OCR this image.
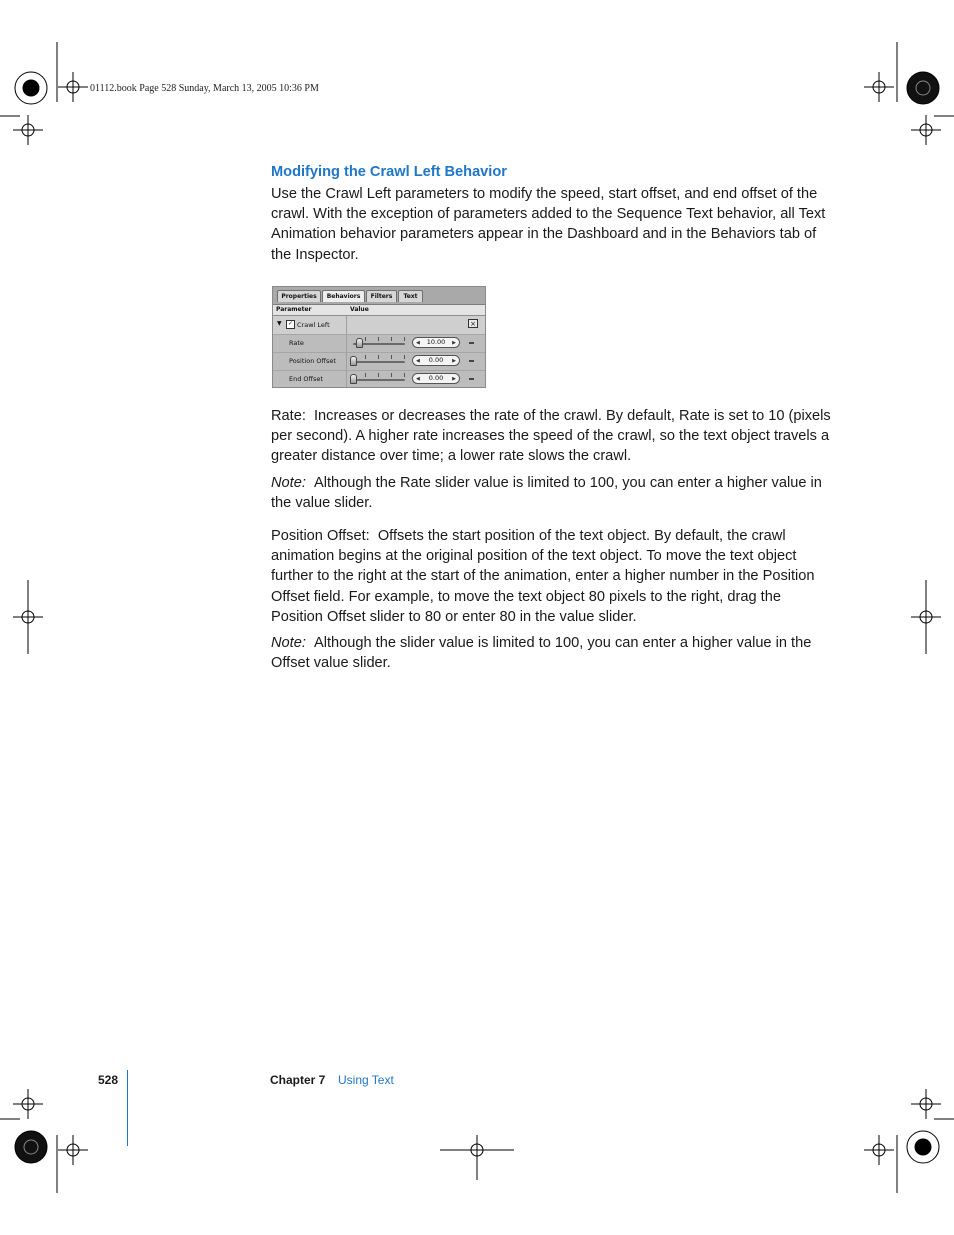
01112.book Page 528 Sunday, March 13, 2005 10:36 PM
Modifying the Crawl Left Behavior

Use the Crawl Left parameters to modify the speed, start offset, and end offset of the crawl. With the exception of parameters added to the Sequence Text behavior, all Text Animation behavior parameters appear in the Dashboard and in the Behaviors tab of the Inspector.

Properties	Behaviors	Filters	Text
Parameter	Value
▼	✓ Crawl Left	×
Rate	◀ 10.00 ▶
Position Offset	◀ 0.00 ▶
End Offset	◀ 0.00 ▶

Rate: Increases or decreases the rate of the crawl. By default, Rate is set to 10 (pixels per second). A higher rate increases the speed of the crawl, so the text object travels a greater distance over time; a lower rate slows the crawl.

Note: Although the Rate slider value is limited to 100, you can enter a higher value in the value slider.

Position Offset: Offsets the start position of the text object. By default, the crawl animation begins at the original position of the text object. To move the text object further to the right at the start of the animation, enter a higher number in the Position Offset field. For example, to move the text object 80 pixels to the right, drag the Position Offset slider to 80 or enter 80 in the value slider.

Note: Although the slider value is limited to 100, you can enter a higher value in the Offset value slider.

528	Chapter 7 Using Text
